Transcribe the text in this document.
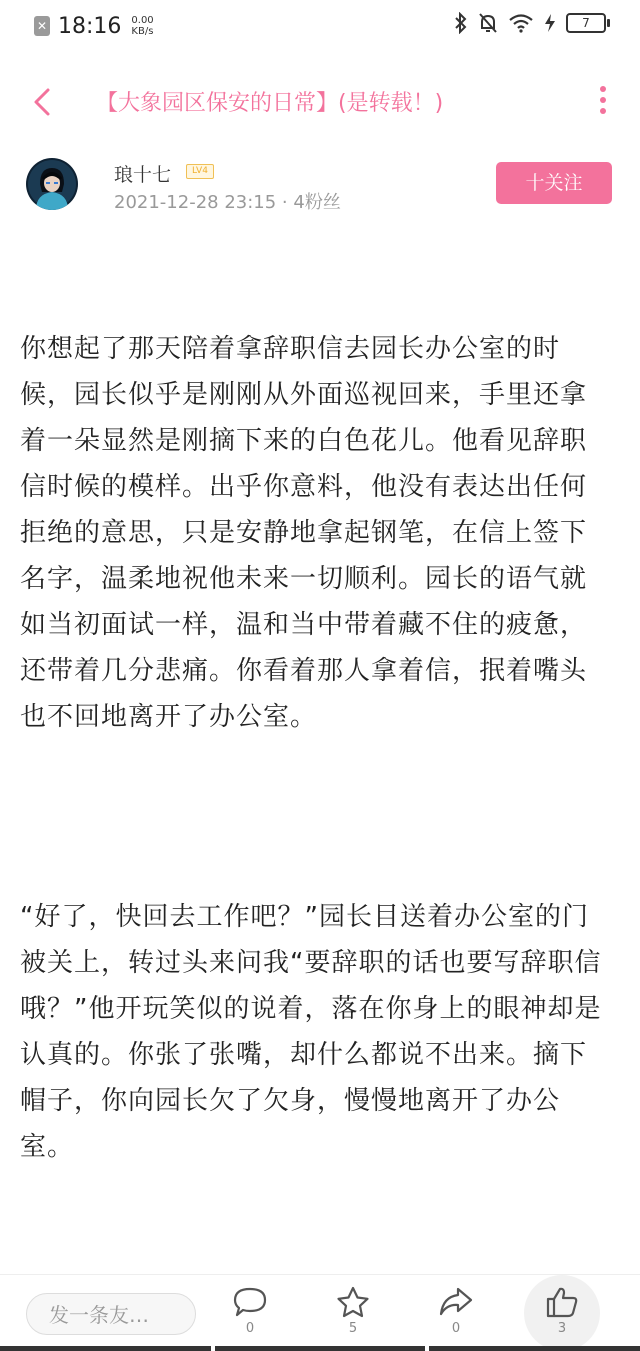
✕ 18:16 0.00
KB/s
7
【大象园区保安的日常】(是转载！)
琅十七	LV4
2021-12-28 23:15 · 4粉丝
十关注
你想起了那天陪着拿辞职信去园长办公室的时候，园长似乎是刚刚从外面巡视回来，手里还拿着一朵显然是刚摘下来的白色花儿。他看见辞职信时候的模样。出乎你意料，他没有表达出任何拒绝的意思，只是安静地拿起钢笔，在信上签下名字，温柔地祝他未来一切顺利。园长的语气就如当初面试一样，温和当中带着藏不住的疲惫，还带着几分悲痛。你看着那人拿着信，抿着嘴头也不回地离开了办公室。
“好了，快回去工作吧？”园长目送着办公室的门被关上，转过头来问我“要辞职的话也要写辞职信哦？”他开玩笑似的说着，落在你身上的眼神却是认真的。你张了张嘴，却什么都说不出来。摘下帽子，你向园长欠了欠身，慢慢地离开了办公室。
发一条友…
0	5	0	3
